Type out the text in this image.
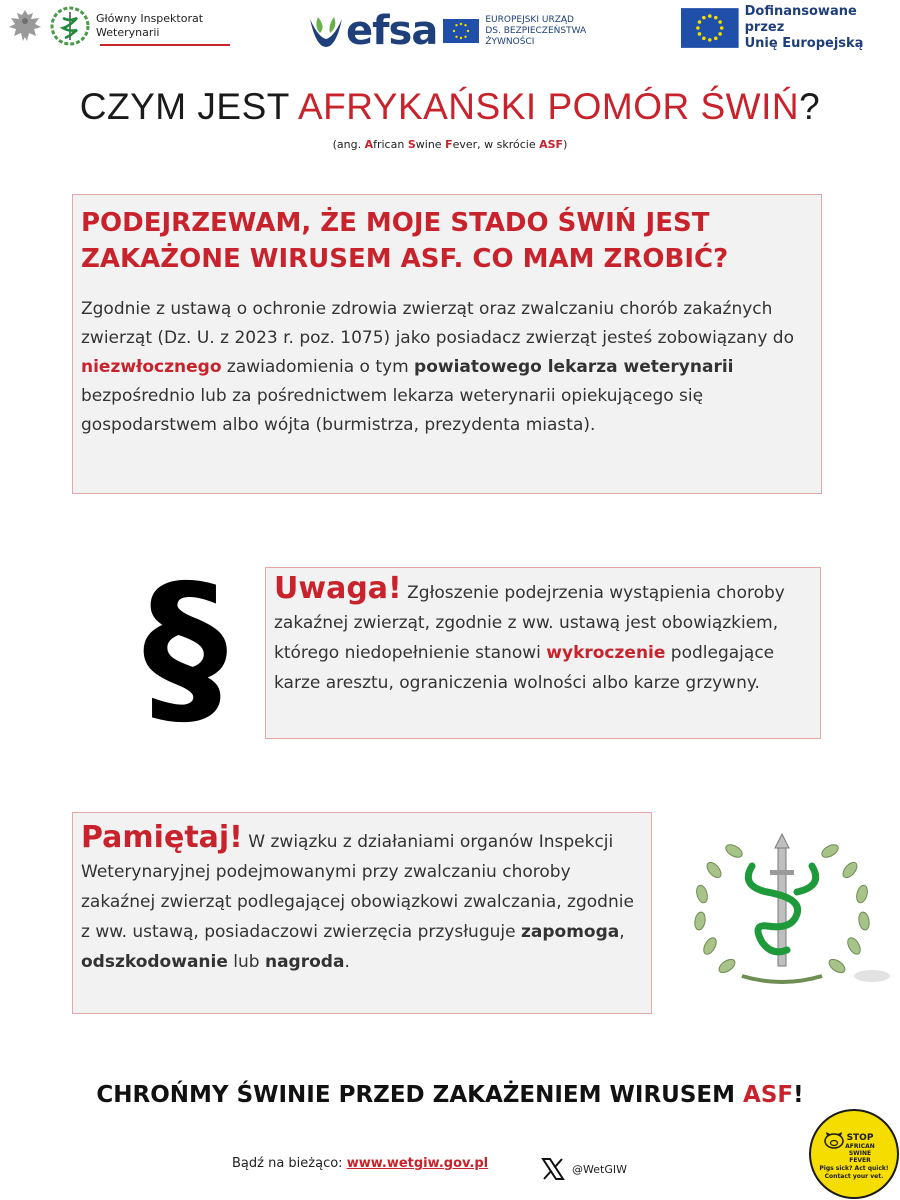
Główny Inspektorat
Weterynarii	efsa	EUROPEJSKI URZĄD
DS. BEZPIECZEŃSTWA
ŻYWNOŚCI
Dofinansowane przez
Unię Europejską
CZYM JEST AFRYKAŃSKI POMÓR ŚWIŃ?
(ang. African Swine Fever, w skrócie ASF)
PODEJRZEWAM, ŻE MOJE STADO ŚWIŃ JEST
ZAKAŻONE WIRUSEM ASF. CO MAM ZROBIĆ?
Zgodnie z ustawą o ochronie zdrowia zwierząt oraz zwalczaniu chorób zakaźnych zwierząt (Dz. U. z 2023 r. poz. 1075) jako posiadacz zwierząt jesteś zobowiązany do niezwłocznego zawiadomienia o tym powiatowego lekarza weterynarii bezpośrednio lub za pośrednictwem lekarza weterynarii opiekującego się gospodarstwem albo wójta (burmistrza, prezydenta miasta).
§	Uwaga! Zgłoszenie podejrzenia wystąpienia choroby zakaźnej zwierząt, zgodnie z ww. ustawą jest obowiązkiem, którego niedopełnienie stanowi wykroczenie podlegające karze aresztu, ograniczenia wolności albo karze grzywny.
Pamiętaj! W związku z działaniami organów Inspekcji Weterynaryjnej podejmowanymi przy zwalczaniu choroby zakaźnej zwierząt podlegającej obowiązkowi zwalczania, zgodnie z ww. ustawą, posiadaczowi zwierzęcia przysługuje zapomoga, odszkodowanie lub nagroda.
CHROŃMY ŚWINIE PRZED ZAKAŻENIEM WIRUSEM ASF!
Bądź na bieżąco: www.wetgiw.gov.pl	@WetGIW
STOP
AFRICAN
SWINE
FEVER
Pigs sick? Act quick!
Contact your vet.
